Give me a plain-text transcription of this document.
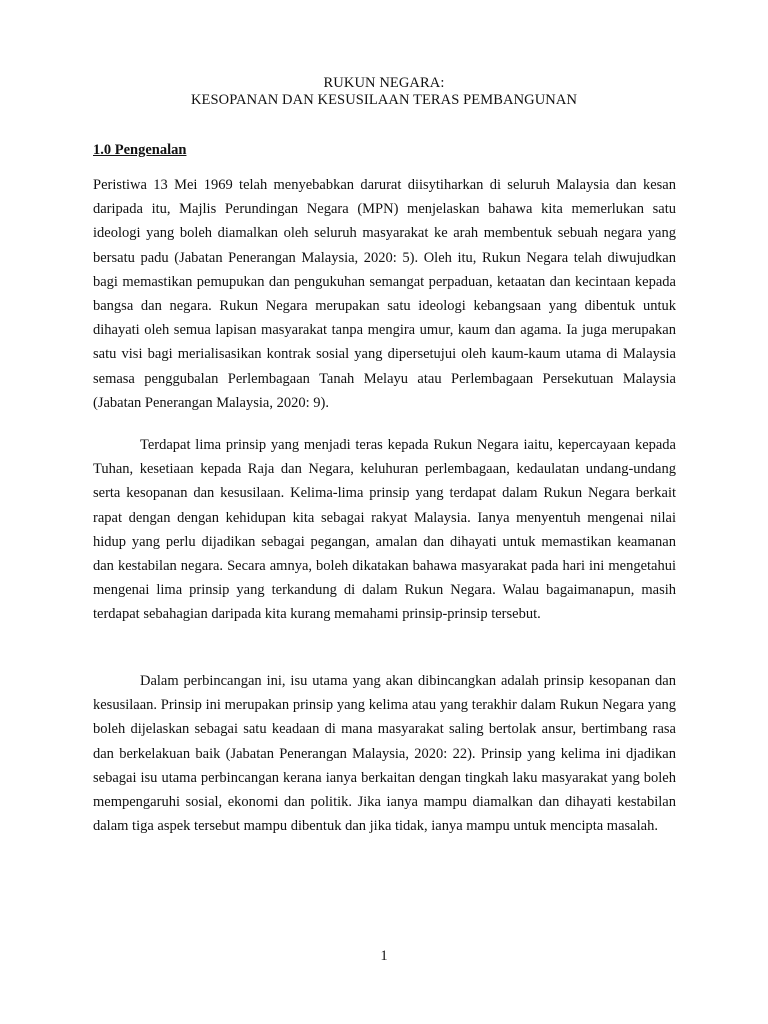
RUKUN NEGARA:
KESOPANAN DAN KESUSILAAN TERAS PEMBANGUNAN
1.0 Pengenalan

Peristiwa 13 Mei 1969 telah menyebabkan darurat diisytiharkan di seluruh Malaysia dan kesan daripada itu, Majlis Perundingan Negara (MPN) menjelaskan bahawa kita memerlukan satu ideologi yang boleh diamalkan oleh seluruh masyarakat ke arah membentuk sebuah negara yang bersatu padu (Jabatan Penerangan Malaysia, 2020: 5). Oleh itu, Rukun Negara telah diwujudkan bagi memastikan pemupukan dan pengukuhan semangat perpaduan, ketaatan dan kecintaan kepada bangsa dan negara. Rukun Negara merupakan satu ideologi kebangsaan yang dibentuk untuk dihayati oleh semua lapisan masyarakat tanpa mengira umur, kaum dan agama. Ia juga merupakan satu visi bagi merialisasikan kontrak sosial yang dipersetujui oleh kaum-kaum utama di Malaysia semasa penggubalan Perlembagaan Tanah Melayu atau Perlembagaan Persekutuan Malaysia (Jabatan Penerangan Malaysia, 2020: 9).

Terdapat lima prinsip yang menjadi teras kepada Rukun Negara iaitu, kepercayaan kepada Tuhan, kesetiaan kepada Raja dan Negara, keluhuran perlembagaan, kedaulatan undang-undang serta kesopanan dan kesusilaan. Kelima-lima prinsip yang terdapat dalam Rukun Negara berkait rapat dengan dengan kehidupan kita sebagai rakyat Malaysia. Ianya menyentuh mengenai nilai hidup yang perlu dijadikan sebagai pegangan, amalan dan dihayati untuk memastikan keamanan dan kestabilan negara. Secara amnya, boleh dikatakan bahawa masyarakat pada hari ini mengetahui mengenai lima prinsip yang terkandung di dalam Rukun Negara. Walau bagaimanapun, masih terdapat sebahagian daripada kita kurang memahami prinsip-prinsip tersebut.

Dalam perbincangan ini, isu utama yang akan dibincangkan adalah prinsip kesopanan dan kesusilaan. Prinsip ini merupakan prinsip yang kelima atau yang terakhir dalam Rukun Negara yang boleh dijelaskan sebagai satu keadaan di mana masyarakat saling bertolak ansur, bertimbang rasa dan berkelakuan baik (Jabatan Penerangan Malaysia, 2020: 22). Prinsip yang kelima ini djadikan sebagai isu utama perbincangan kerana ianya berkaitan dengan tingkah laku masyarakat yang boleh mempengaruhi sosial, ekonomi dan politik. Jika ianya mampu diamalkan dan dihayati kestabilan dalam tiga aspek tersebut mampu dibentuk dan jika tidak, ianya mampu untuk mencipta masalah.

1
